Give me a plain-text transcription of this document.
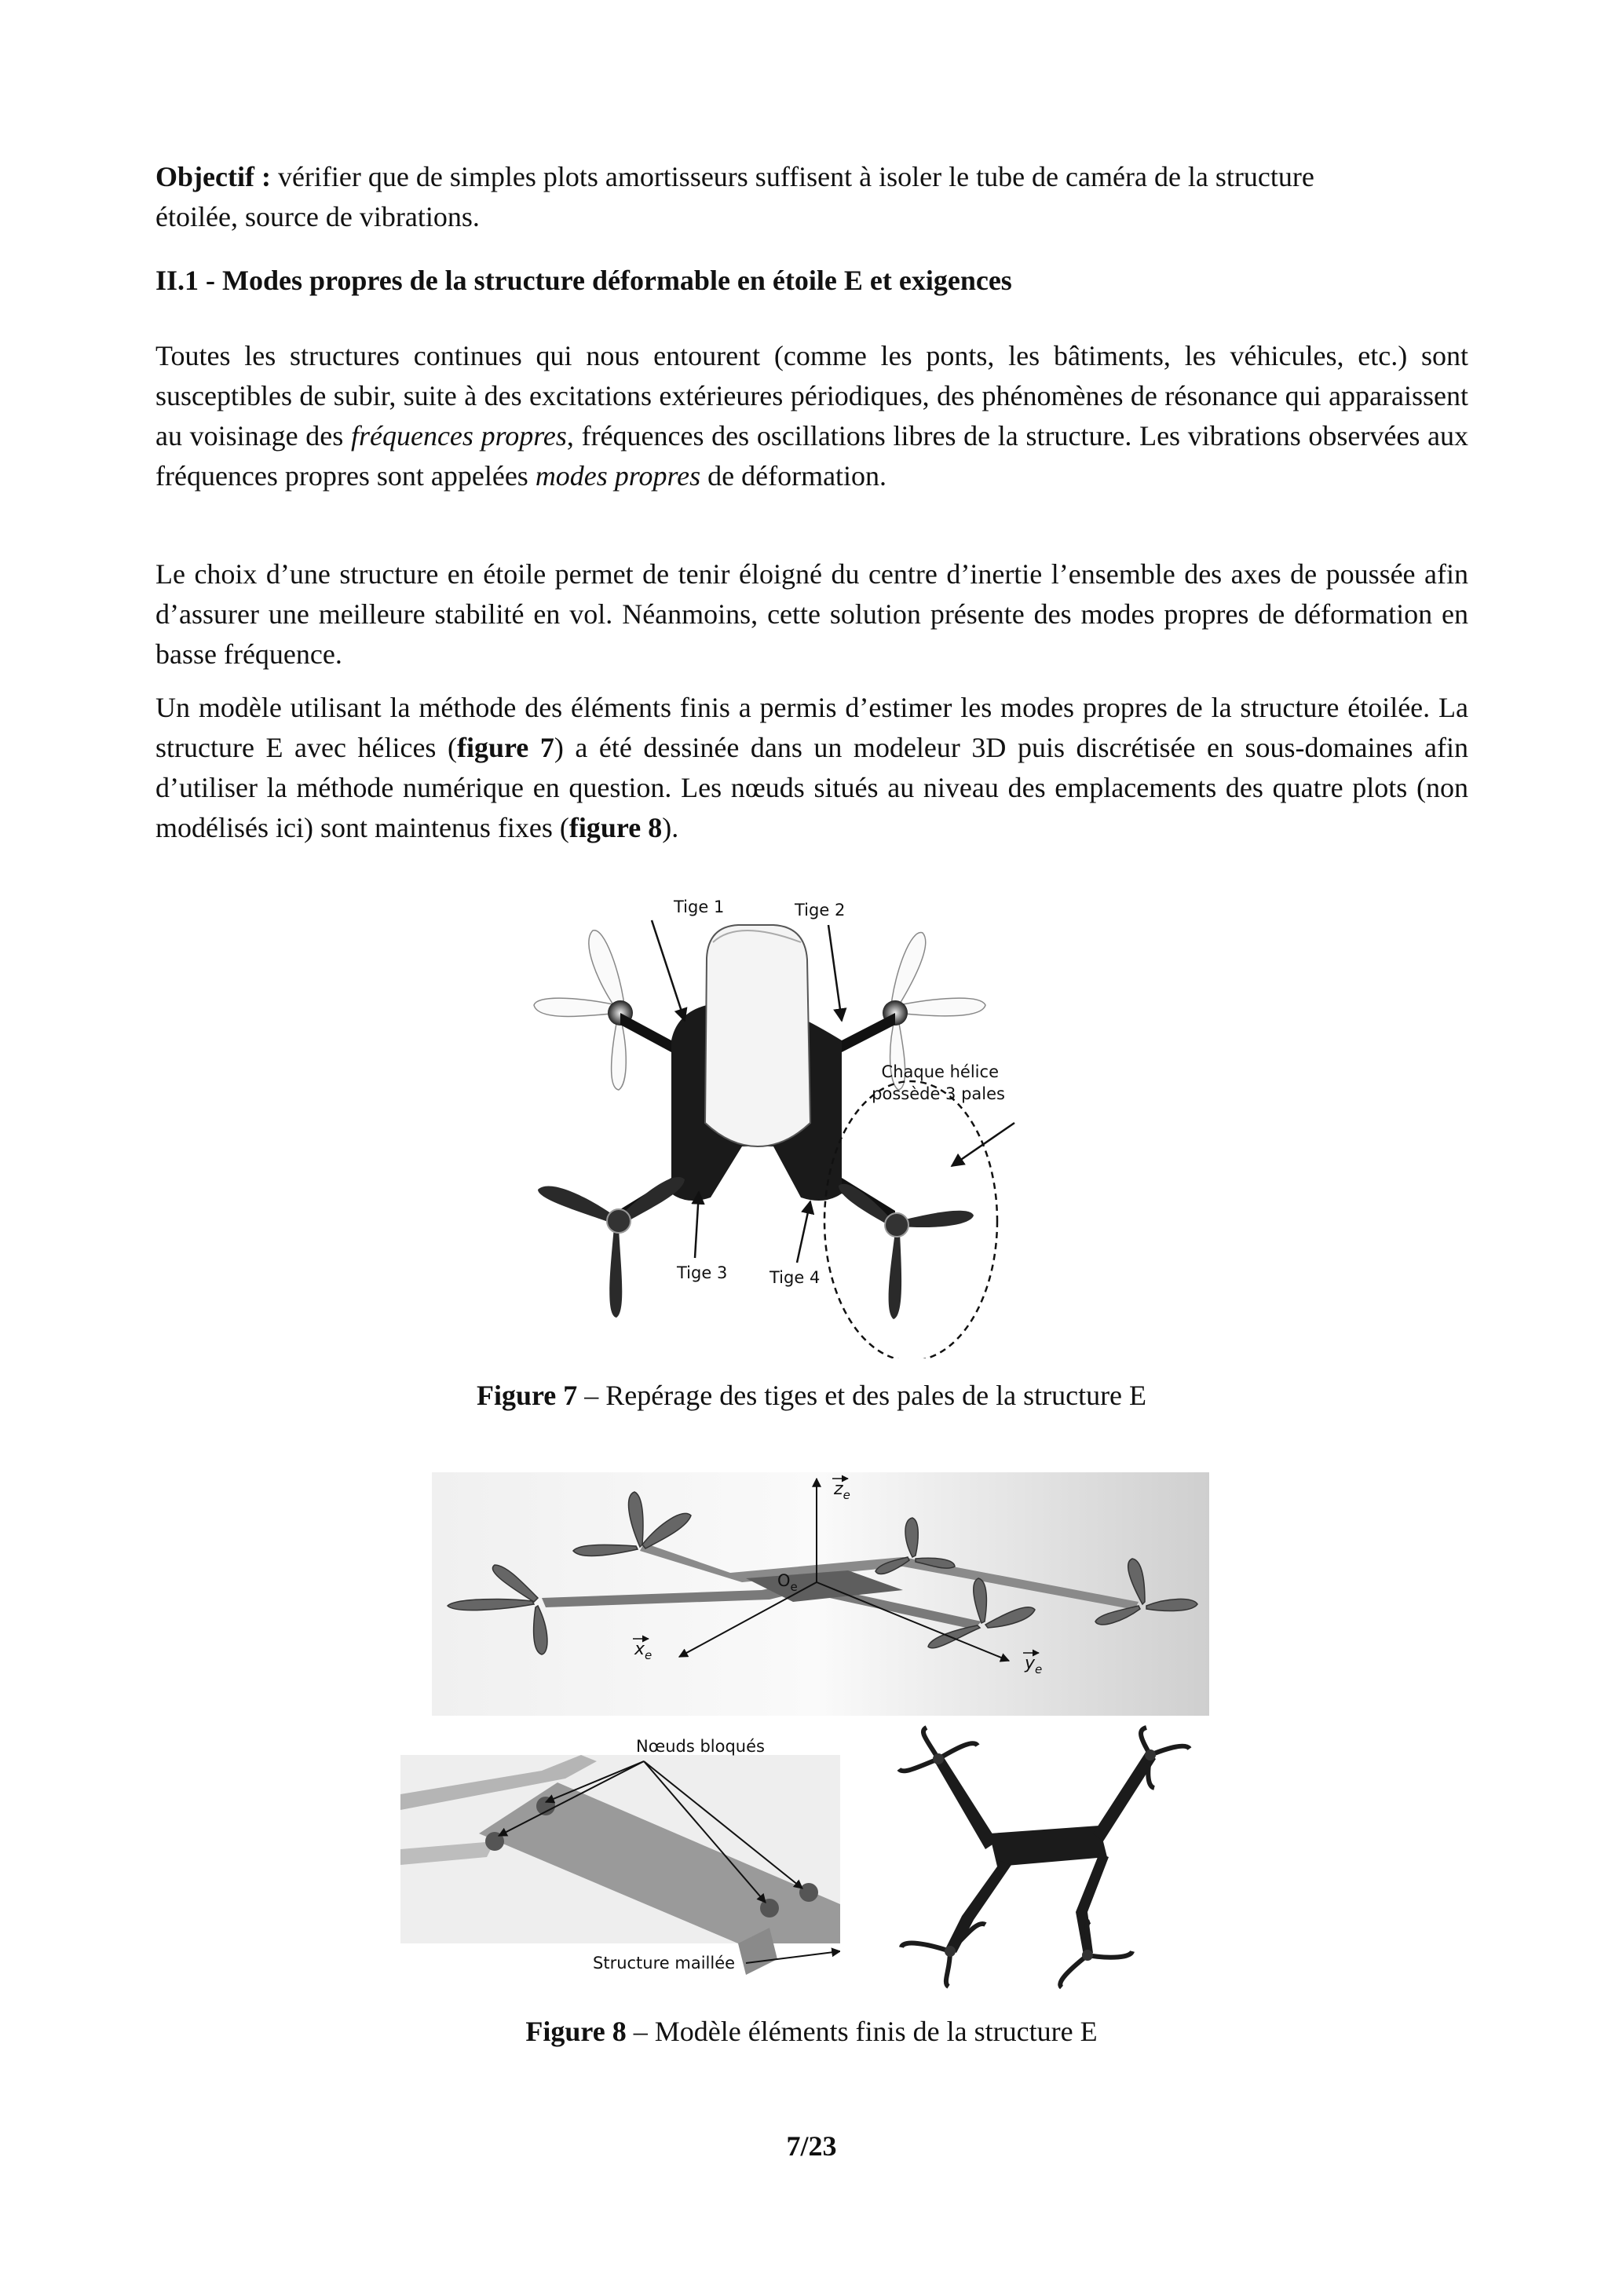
Objectif : vérifier que de simples plots amortisseurs suffisent à isoler le tube de caméra de la structure
étoilée, source de vibrations.

II.1 - Modes propres de la structure déformable en étoile E et exigences

Toutes les structures continues qui nous entourent (comme les ponts, les bâtiments, les véhicules, etc.) sont susceptibles de subir, suite à des excitations extérieures périodiques, des phénomènes de résonance qui apparaissent au voisinage des fréquences propres, fréquences des oscillations libres de la structure. Les vibrations observées aux fréquences propres sont appelées modes propres de déformation.

Le choix d’une structure en étoile permet de tenir éloigné du centre d’inertie l’ensemble des axes de poussée afin d’assurer une meilleure stabilité en vol. Néanmoins, cette solution présente des modes propres de déformation en basse fréquence.

Un modèle utilisant la méthode des éléments finis a permis d’estimer les modes propres de la structure étoilée. La structure E avec hélices (figure 7) a été dessinée dans un modeleur 3D puis discrétisée en sous-domaines afin d’utiliser la méthode numérique en question. Les nœuds situés au niveau des emplacements des quatre plots (non modélisés ici) sont maintenus fixes (figure 8).

Tige 1	Tige 2
Tige 3	Tige 4
Chaque hélice
possède 3 pales

Figure 7 – Repérage des tiges et des pales de la structure E

$z_e$
$O_e$
$x_e$	$y_e$
Nœuds bloqués
Structure maillée

Figure 8 – Modèle éléments finis de la structure E

7/23
